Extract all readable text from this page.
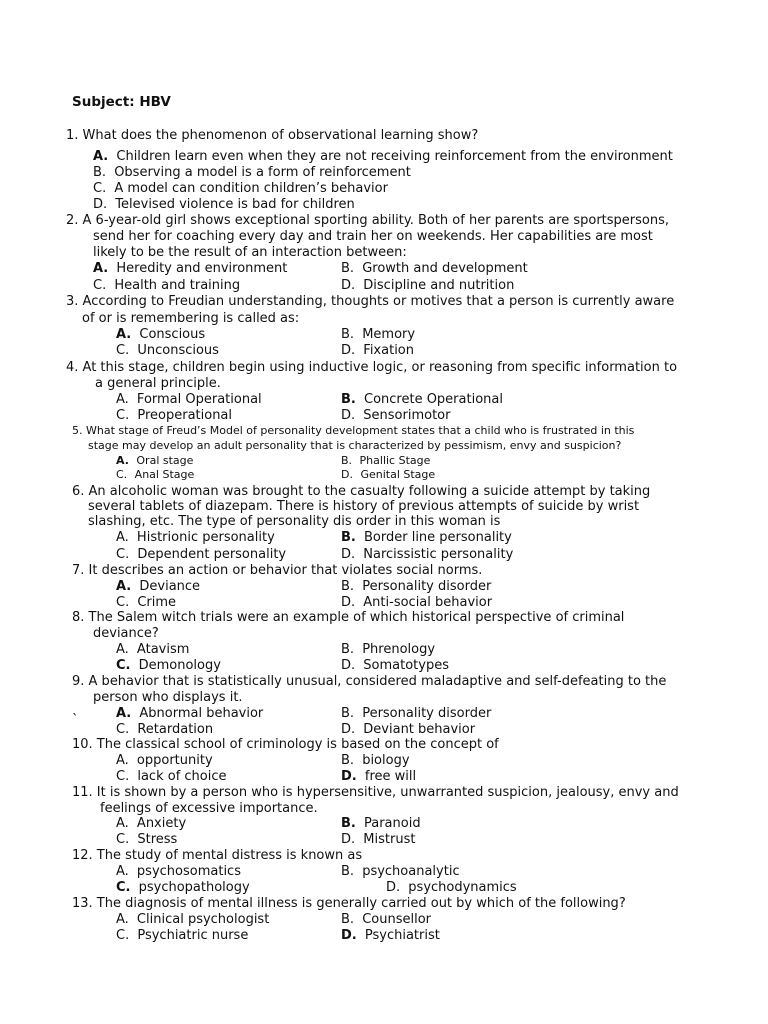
Subject: HBV
1. What does the phenomenon of observational learning show?
A. Children learn even when they are not receiving reinforcement from the environment
B. Observing a model is a form of reinforcement
C. A model can condition children’s behavior
D. Televised violence is bad for children
2. A 6-year-old girl shows exceptional sporting ability. Both of her parents are sportspersons,
send her for coaching every day and train her on weekends. Her capabilities are most
likely to be the result of an interaction between:
A. Heredity and environment	B. Growth and development
C. Health and training	D. Discipline and nutrition
3. According to Freudian understanding, thoughts or motives that a person is currently aware
of or is remembering is called as:
A. Conscious	B. Memory
C. Unconscious	D. Fixation
4. At this stage, children begin using inductive logic, or reasoning from specific information to
a general principle.
A. Formal Operational	B. Concrete Operational
C. Preoperational	D. Sensorimotor
5. What stage of Freud’s Model of personality development states that a child who is frustrated in this
stage may develop an adult personality that is characterized by pessimism, envy and suspicion?
A. Oral stage	B. Phallic Stage
C. Anal Stage	D. Genital Stage
6. An alcoholic woman was brought to the casualty following a suicide attempt by taking
several tablets of diazepam. There is history of previous attempts of suicide by wrist
slashing, etc. The type of personality dis order in this woman is
A. Histrionic personality	B. Border line personality
C. Dependent personality	D. Narcissistic personality
7. It describes an action or behavior that violates social norms.
A. Deviance	B. Personality disorder
C. Crime	D. Anti-social behavior
8. The Salem witch trials were an example of which historical perspective of criminal
deviance?
A. Atavism	B. Phrenology
C. Demonology	D. Somatotypes
9. A behavior that is statistically unusual, considered maladaptive and self-defeating to the
person who displays it.
A. Abnormal behavior	B. Personality disorder
C. Retardation	D. Deviant behavior
10. The classical school of criminology is based on the concept of
A. opportunity	B. biology
C. lack of choice	D. free will
11. It is shown by a person who is hypersensitive, unwarranted suspicion, jealousy, envy and
feelings of excessive importance.
A. Anxiety	B. Paranoid
C. Stress	D. Mistrust
12. The study of mental distress is known as
A. psychosomatics	B. psychoanalytic
C. psychopathology	D. psychodynamics
13. The diagnosis of mental illness is generally carried out by which of the following?
A. Clinical psychologist	B. Counsellor
C. Psychiatric nurse	D. Psychiatrist
`
